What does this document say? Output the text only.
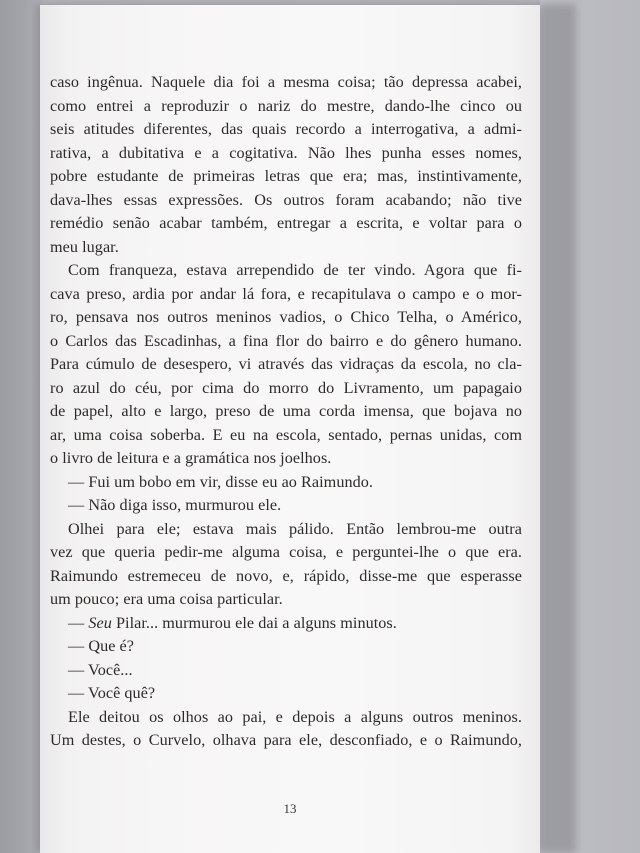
caso ingênua. Naquele dia foi a mesma coisa; tão depressa acabei,
como entrei a reproduzir o nariz do mestre, dando-lhe cinco ou
seis atitudes diferentes, das quais recordo a interrogativa, a admi-
rativa, a dubitativa e a cogitativa. Não lhes punha esses nomes,
pobre estudante de primeiras letras que era; mas, instintivamente,
dava-lhes essas expressões. Os outros foram acabando; não tive
remédio senão acabar também, entregar a escrita, e voltar para o
meu lugar.
Com franqueza, estava arrependido de ter vindo. Agora que fi-
cava preso, ardia por andar lá fora, e recapitulava o campo e o mor-
ro, pensava nos outros meninos vadios, o Chico Telha, o Américo,
o Carlos das Escadinhas, a fina flor do bairro e do gênero humano.
Para cúmulo de desespero, vi através das vidraças da escola, no cla-
ro azul do céu, por cima do morro do Livramento, um papagaio
de papel, alto e largo, preso de uma corda imensa, que bojava no
ar, uma coisa soberba. E eu na escola, sentado, pernas unidas, com
o livro de leitura e a gramática nos joelhos.
— Fui um bobo em vir, disse eu ao Raimundo.
— Não diga isso, murmurou ele.
Olhei para ele; estava mais pálido. Então lembrou-me outra
vez que queria pedir-me alguma coisa, e perguntei-lhe o que era.
Raimundo estremeceu de novo, e, rápido, disse-me que esperasse
um pouco; era uma coisa particular.
— Seu Pilar... murmurou ele dai a alguns minutos.
— Que é?
— Você...
— Você quê?
Ele deitou os olhos ao pai, e depois a alguns outros meninos.
Um destes, o Curvelo, olhava para ele, desconfiado, e o Raimundo,
13
